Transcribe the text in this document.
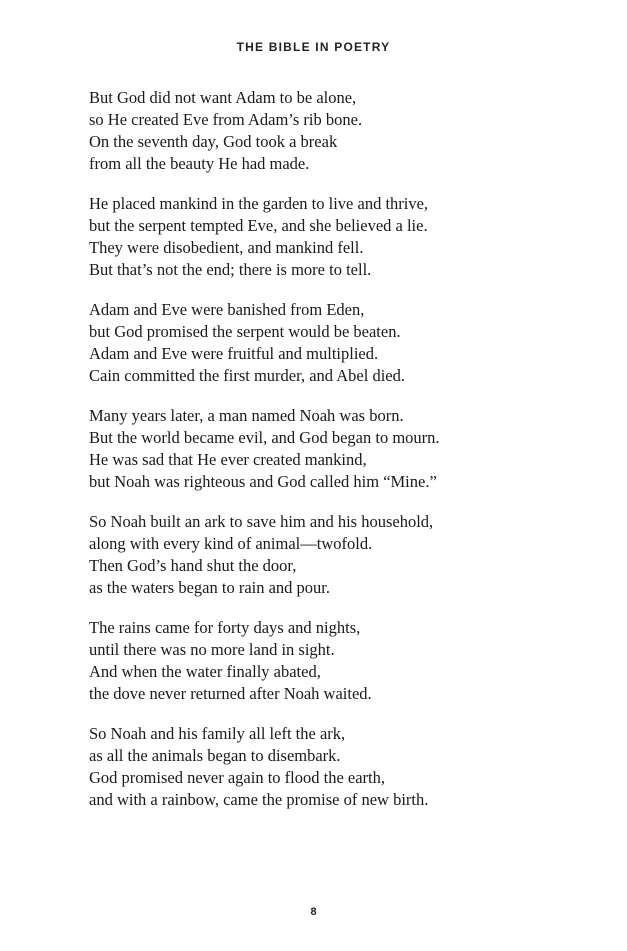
THE BIBLE IN POETRY
But God did not want Adam to be alone,
so He created Eve from Adam’s rib bone.
On the seventh day, God took a break
from all the beauty He had made.
He placed mankind in the garden to live and thrive,
but the serpent tempted Eve, and she believed a lie.
They were disobedient, and mankind fell.
But that’s not the end; there is more to tell.
Adam and Eve were banished from Eden,
but God promised the serpent would be beaten.
Adam and Eve were fruitful and multiplied.
Cain committed the first murder, and Abel died.
Many years later, a man named Noah was born.
But the world became evil, and God began to mourn.
He was sad that He ever created mankind,
but Noah was righteous and God called him “Mine.”
So Noah built an ark to save him and his household,
along with every kind of animal—twofold.
Then God’s hand shut the door,
as the waters began to rain and pour.
The rains came for forty days and nights,
until there was no more land in sight.
And when the water finally abated,
the dove never returned after Noah waited.
So Noah and his family all left the ark,
as all the animals began to disembark.
God promised never again to flood the earth,
and with a rainbow, came the promise of new birth.
8
